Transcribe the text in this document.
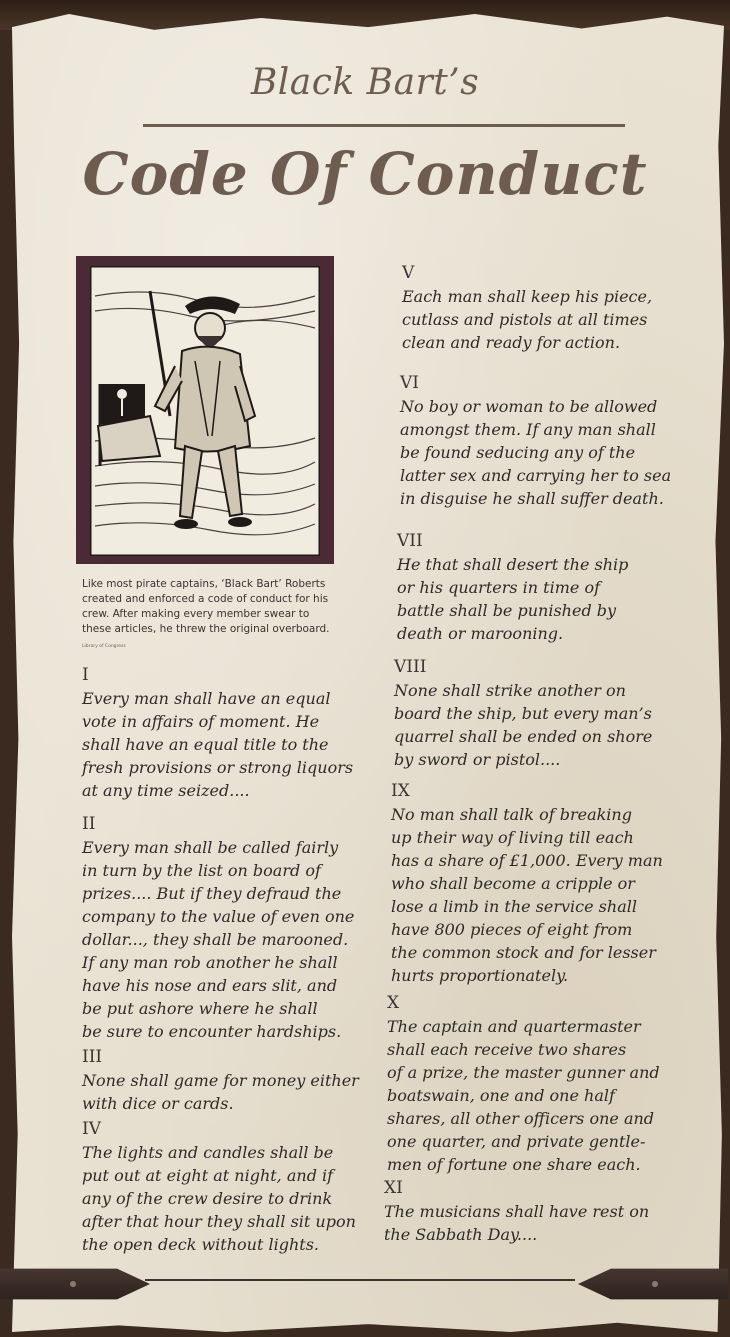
Black Bart’s
Code Of Conduct
Like most pirate captains, ‘Black Bart’ Roberts
created and enforced a code of conduct for his
crew. After making every member swear to
these articles, he threw the original overboard.
Library of Congress
I
Every man shall have an equal
vote in affairs of moment. He
shall have an equal title to the
fresh provisions or strong liquors
at any time seized....
II
Every man shall be called fairly
in turn by the list on board of
prizes.... But if they defraud the
company to the value of even one
dollar..., they shall be marooned.
If any man rob another he shall
have his nose and ears slit, and
be put ashore where he shall
be sure to encounter hardships.
III
None shall game for money either
with dice or cards.
IV
The lights and candles shall be
put out at eight at night, and if
any of the crew desire to drink
after that hour they shall sit upon
the open deck without lights.
V
Each man shall keep his piece,
cutlass and pistols at all times
clean and ready for action.
VI
No boy or woman to be allowed
amongst them. If any man shall
be found seducing any of the
latter sex and carrying her to sea
in disguise he shall suffer death.
VII
He that shall desert the ship
or his quarters in time of
battle shall be punished by
death or marooning.
VIII
None shall strike another on
board the ship, but every man’s
quarrel shall be ended on shore
by sword or pistol....
IX
No man shall talk of breaking
up their way of living till each
has a share of £1,000. Every man
who shall become a cripple or
lose a limb in the service shall
have 800 pieces of eight from
the common stock and for lesser
hurts proportionately.
X
The captain and quartermaster
shall each receive two shares
of a prize, the master gunner and
boatswain, one and one half
shares, all other officers one and
one quarter, and private gentle-
men of fortune one share each.
XI
The musicians shall have rest on
the Sabbath Day....
